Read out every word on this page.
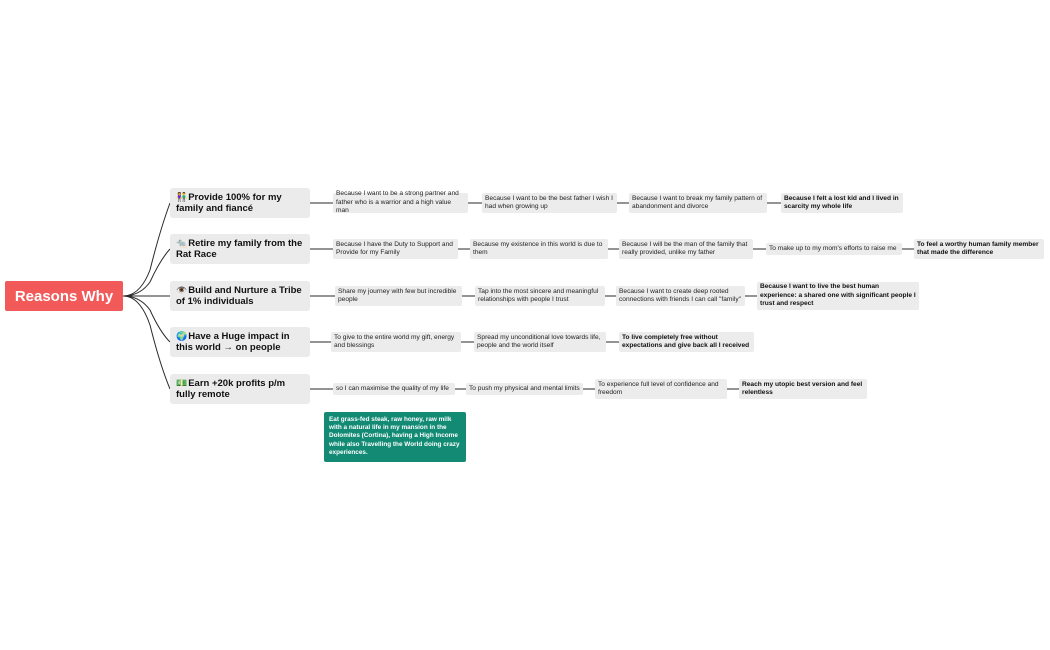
Reasons Why
👫Provide 100% for my family and fiancé
Because I want to be a strong partner and father who is a warrior and a high value man
Because I want to be the best father I wish I had when growing up
Because I want to break my family pattern of abandonment and divorce
Because I felt a lost kid and I lived in scarcity my whole life
🐀Retire my family from the Rat Race
Because I have the Duty to Support and Provide for my Family
Because my existence in this world is due to them
Because I will be the man of the family that really provided, unlike my father
To make up to my mom's efforts to raise me
To feel a worthy human family member that made the difference
👁️Build and Nurture a Tribe of 1% individuals
Share my journey with few but incredible people
Tap into the most sincere and meaningful relationships with people I trust
Because I want to create deep rooted connections with friends I can call "family"
Because I want to live the best human experience: a shared one with significant people I trust and respect
🌍Have a Huge impact in this world → on people
To give to the entire world my gift, energy and blessings
Spread my unconditional love towards life, people and the world itself
To live completely free without expectations and give back all I received
💵Earn +20k profits p/m fully remote
so I can maximise the quality of my life	To push my physical and mental limits
To experience full level of confidence and freedom
Reach my utopic best version and feel relentless
Eat grass-fed steak, raw honey, raw milk with a natural life in my mansion in the Dolomites (Cortina), having a High Income while also Travelling the World doing crazy experiences.
